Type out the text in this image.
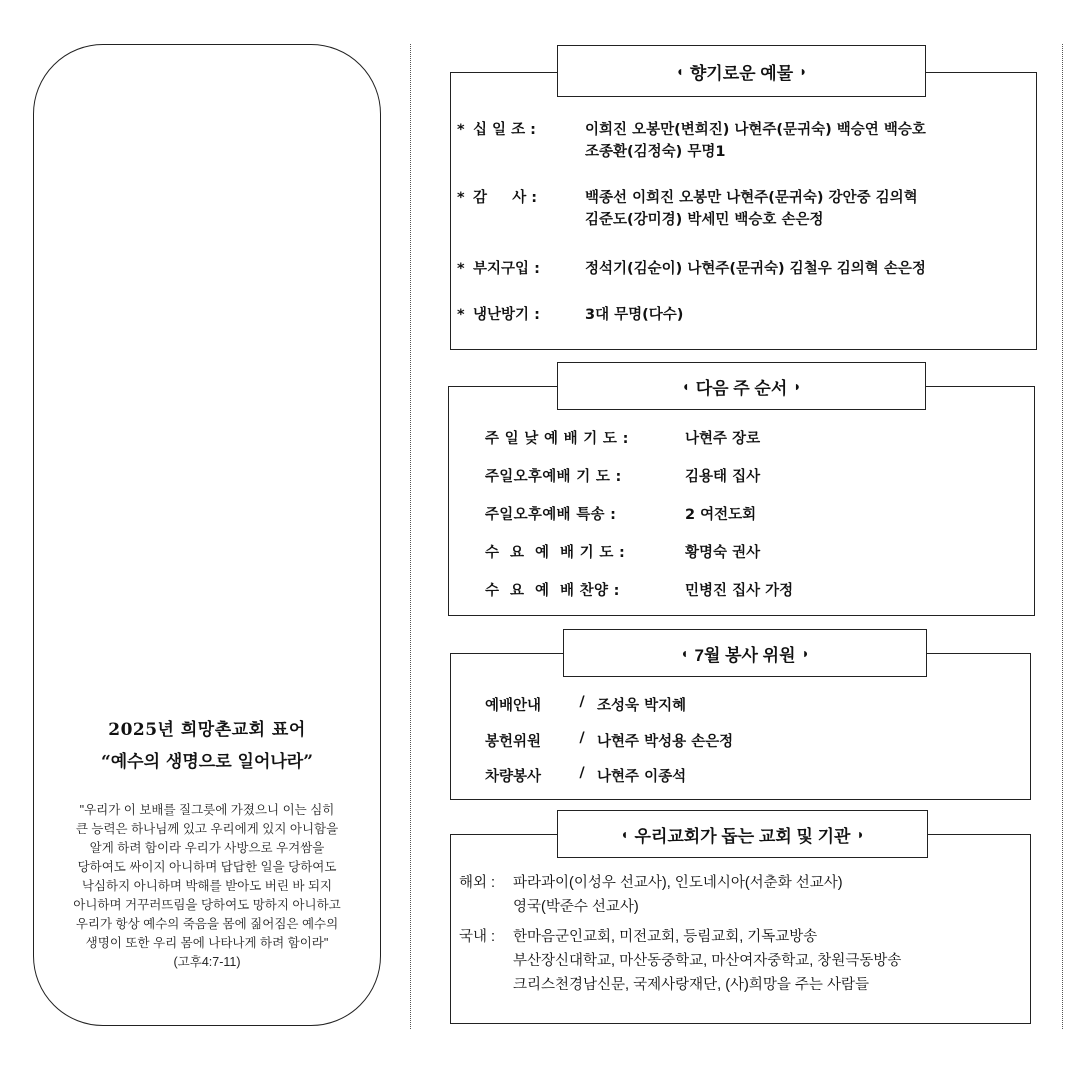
2025년 희망촌교회 표어
“예수의 생명으로 일어나라”
"우리가 이 보배를 질그릇에 가졌으니 이는 심히
큰 능력은 하나님께 있고 우리에게 있지 아니함을
알게 하려 함이라 우리가 사방으로 우겨쌈을
당하여도 싸이지 아니하며 답답한 일을 당하여도
낙심하지 아니하며 박해를 받아도 버린 바 되지
아니하며 거꾸러뜨림을 당하여도 망하지 아니하고
우리가 항상 예수의 죽음을 몸에 짊어짐은 예수의
생명이 또한 우리 몸에 나타나게 하려 함이라"
(고후4:7-11)
* 십 일 조 :	이희진 오봉만(변희진) 나현주(문귀숙) 백승연 백승호
조종환(김정숙) 무명1
* 감     사 :	백종선 이희진 오봉만 나현주(문귀숙) 강안중 김의혁
김준도(강미경) 박세민 백승호 손은정
* 부지구입 :	정석기(김순이) 나현주(문귀숙) 김철우 김의혁 손은정
* 냉난방기 :	3대 무명(다수)
◖ 향기로운 예물 ◗
주 일 낮 예 배 기 도 :	나현주 장로
주일오후예배 기 도 :	김용태 집사
주일오후예배 특송 :	2 여전도회
수  요  예  배 기 도 :	황명숙 권사
수  요  예  배 찬양 :	민병진 집사 가정
◖ 다음 주 순서 ◗
예배안내	/ 조성욱 박지혜
봉헌위원	/ 나현주 박성용 손은정
차량봉사	/ 나현주 이종석
◖ 7월 봉사 위원 ◗
해외 :	파라과이(이성우 선교사), 인도네시아(서춘화 선교사)
영국(박준수 선교사)
국내 :	한마음군인교회, 미전교회, 등림교회, 기독교방송
부산장신대학교, 마산동중학교, 마산여자중학교, 창원극동방송
크리스천경남신문, 국제사랑재단, (사)희망을 주는 사람들
◖ 우리교회가 돕는 교회 및 기관 ◗
